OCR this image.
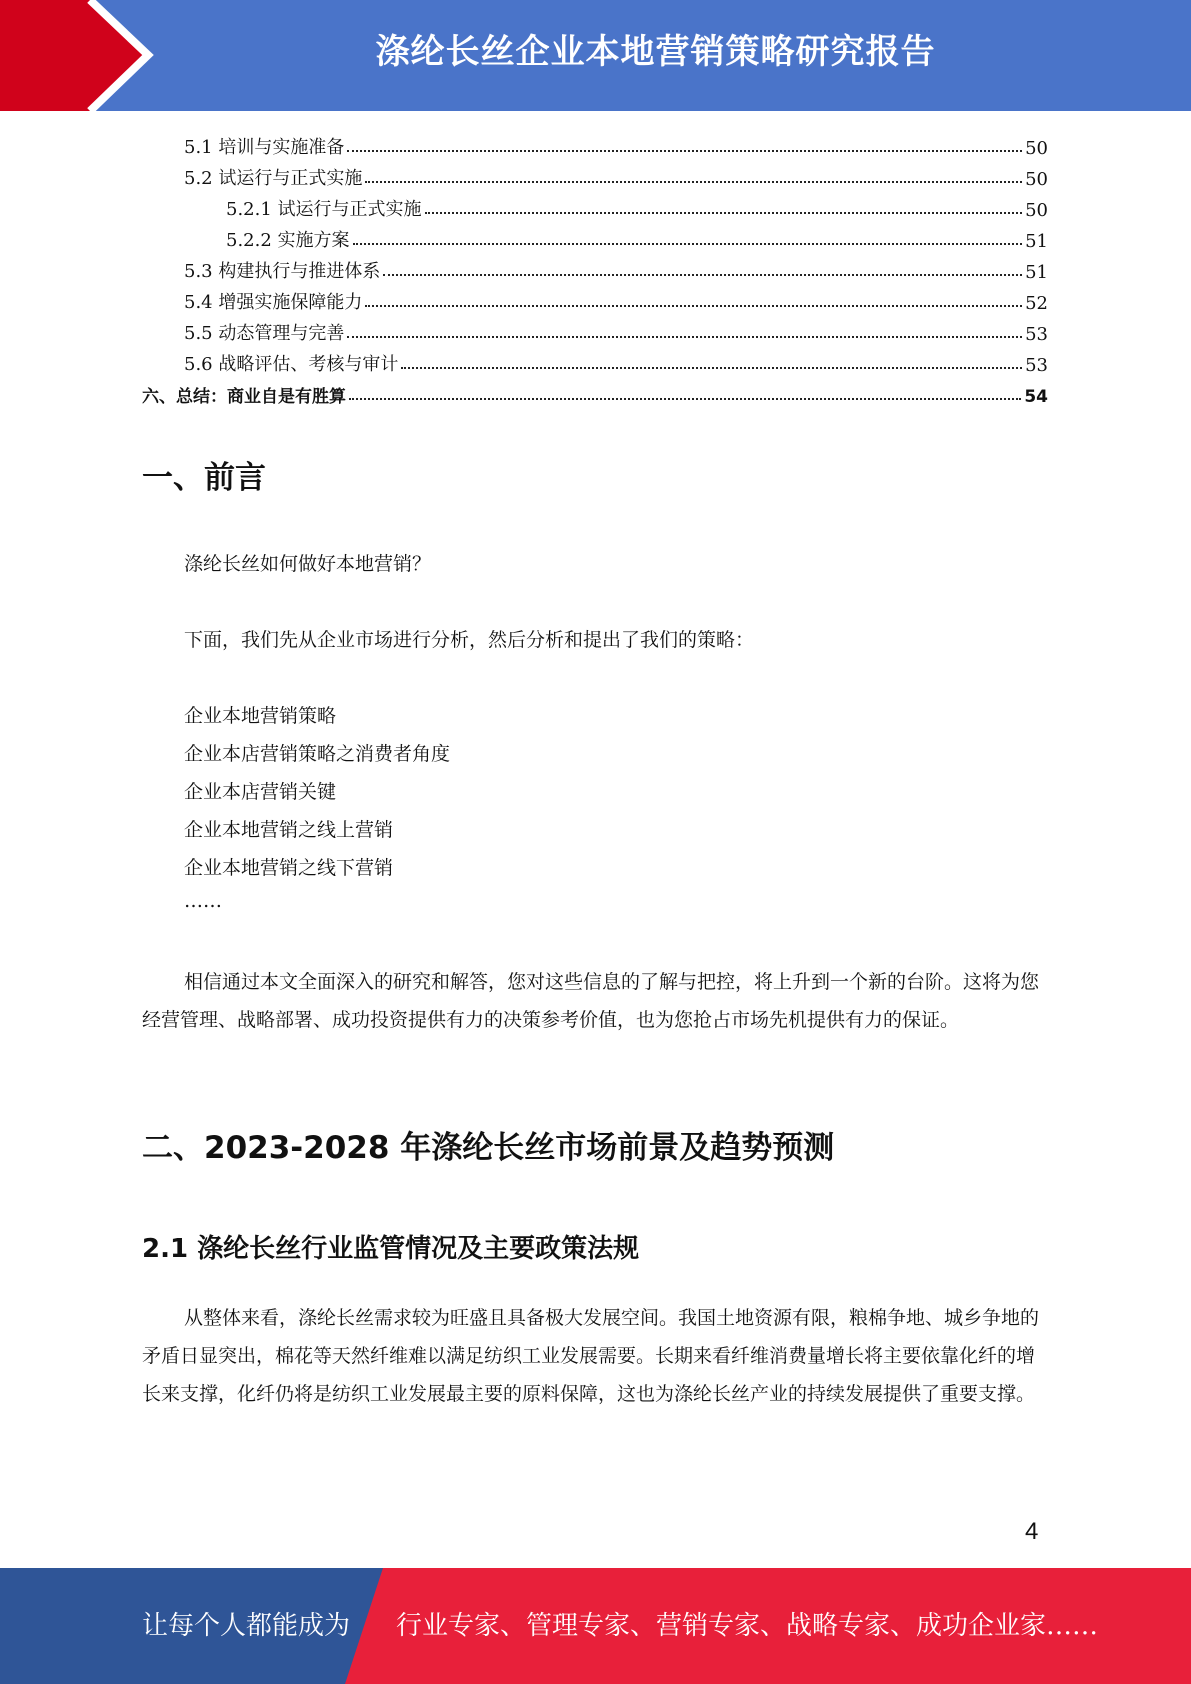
涤纶长丝企业本地营销策略研究报告
5.1 培训与实施准备	50
5.2 试运行与正式实施	50
5.2.1 试运行与正式实施	50
5.2.2 实施方案	51
5.3 构建执行与推进体系	51
5.4 增强实施保障能力	52
5.5 动态管理与完善	53
5.6 战略评估、考核与审计	53
六、总结：商业自是有胜算	54
一、前言
涤纶长丝如何做好本地营销？
下面，我们先从企业市场进行分析，然后分析和提出了我们的策略：
企业本地营销策略
企业本店营销策略之消费者角度
企业本店营销关键
企业本地营销之线上营销
企业本地营销之线下营销
……

相信通过本文全面深入的研究和解答，您对这些信息的了解与把控，将上升到一个新的台阶。这将为您经营管理、战略部署、成功投资提供有力的决策参考价值，也为您抢占市场先机提供有力的保证。

二、2023-2028 年涤纶长丝市场前景及趋势预测
2.1 涤纶长丝行业监管情况及主要政策法规

从整体来看，涤纶长丝需求较为旺盛且具备极大发展空间。我国土地资源有限，粮棉争地、城乡争地的矛盾日显突出，棉花等天然纤维难以满足纺织工业发展需要。长期来看纤维消费量增长将主要依靠化纤的增长来支撑，化纤仍将是纺织工业发展最主要的原料保障，这也为涤纶长丝产业的持续发展提供了重要支撑。

4
让每个人都能成为 行业专家、管理专家、营销专家、战略专家、成功企业家……
